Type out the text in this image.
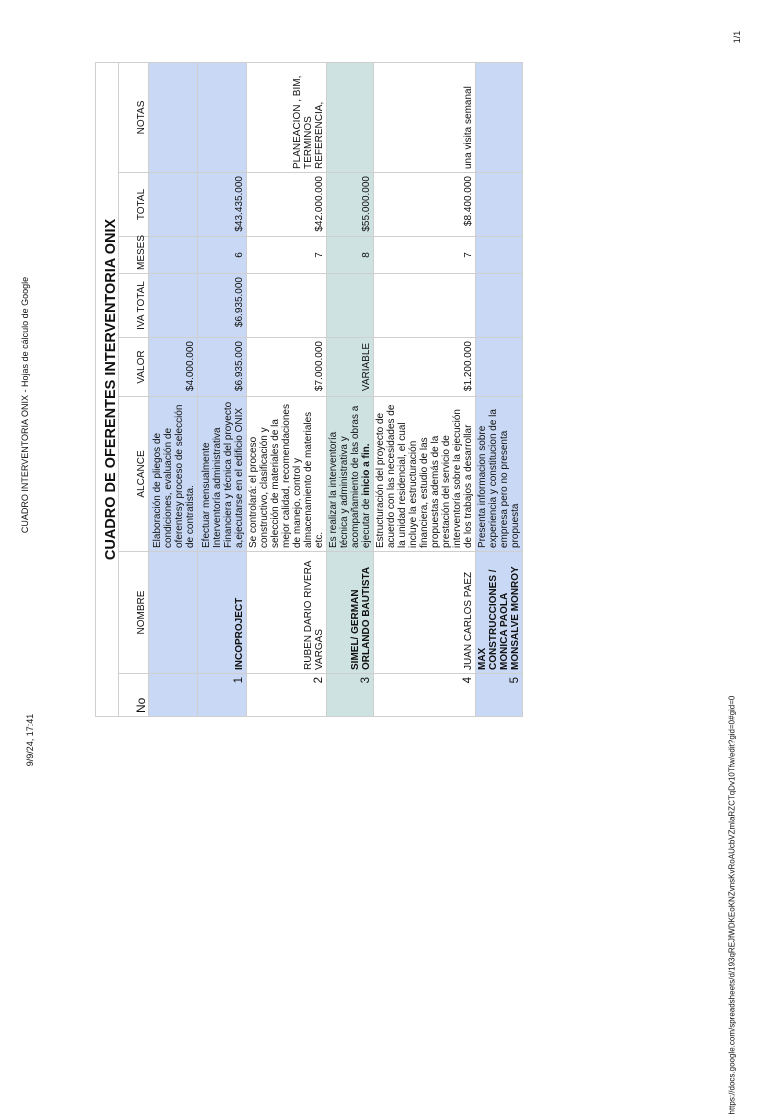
9/9/24, 17:41
CUADRO INTERVENTORIA ONIX - Hojas de cálculo de Google
https://docs.google.com/spreadsheets/d/193qREJfWDKEoKNZvnsKvRoAUcbVZmlaRZCTqDv10Tfw/edit?gid=0#gid=0
1/1
CUADRO DE OFERENTES INTERVENTORIA ONIX							
No	NOMBRE	ALCANCE	VALOR	IVA TOTAL	MESES	TOTAL	NOTAS
		Elaboración de pliegos de condiciones, evaluación de oferentesy proceso de selección de contratista.	$4.000.000				
1	INCOPROJECT	Efectuar mensualmente Interventoría administrativa Financiera y técnica del proyecto a,ejecutarse en el edificio ONIX	$6.935.000	$6.935.000	6	$43.435.000	
2	RUBEN DARIO RIVERA VARGAS	Se controlará: el proceso constructivo, clasificación y selección de materiales de la mejor calidad, recomendaciones de manejo, control y almacenamiento de materiales etc.	$7.000.000		7	$42.000.000	PLANEACION , BIM, TERMINOS REFERENCIA,
3	SIMEL/ GERMAN ORLANDO BAUTISTA	Es realizar la interventoría técnica y administrativa y acompañamiento de las obras a ejecutar de inicio a fin.	VARIABLE		8	$55.000.000	
4	JUAN CARLOS PAEZ	Estructuración del proyecto de acuerdo con las necesidades de la unidad residencial, el cual incluye la estructuración financiera, estudio de las propuestas además de la prestación del servicio de interventoría sobre la ejecución de los trabajos a desarrollar	$1.200.000		7	$8.400.000	una visita semanal
5	MAX CONSTRUCCIONES / MONICA PAOLA MONSALVE MONROY	Presenta informacion sobre experiencia y constitucion de la empresa pero no presenta propuesta					
